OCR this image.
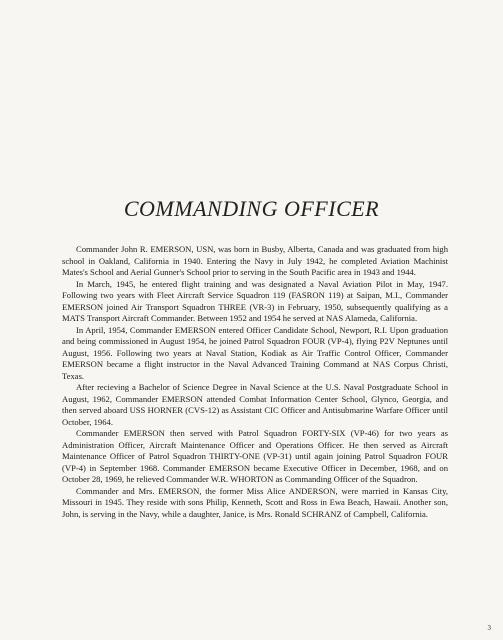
COMMANDING OFFICER

Commander John R. EMERSON, USN, was born in Busby, Alberta, Canada and was graduated from high school in Oakland, California in 1940. Entering the Navy in July 1942, he completed Aviation Machinist Mates's School and Aerial Gunner's School prior to serving in the South Pacific area in 1943 and 1944.

In March, 1945, he entered flight training and was designated a Naval Aviation Pilot in May, 1947. Following two years with Fleet Aircraft Service Squadron 119 (FASRON 119) at Saipan, M.I., Commander EMERSON joined Air Transport Squadron THREE (VR-3) in February, 1950, subsequently qualifying as a MATS Transport Aircraft Commander. Between 1952 and 1954 he served at NAS Alameda, California.

In April, 1954, Commander EMERSON entered Officer Candidate School, Newport, R.I. Upon graduation and being commissioned in August 1954, he joined Patrol Squadron FOUR (VP-4), flying P2V Neptunes until August, 1956. Following two years at Naval Station, Kodiak as Air Traffic Control Officer, Commander EMERSON became a flight instructor in the Naval Advanced Training Command at NAS Corpus Christi, Texas.

After recieving a Bachelor of Science Degree in Naval Science at the U.S. Naval Postgraduate School in August, 1962, Commander EMERSON attended Combat Information Center School, Glynco, Georgia, and then served aboard USS HORNER (CVS-12) as Assistant CIC Officer and Antisubmarine Warfare Officer until October, 1964.

Commander EMERSON then served with Patrol Squadron FORTY-SIX (VP-46) for two years as Administration Officer, Aircraft Maintenance Officer and Operations Officer. He then served as Aircraft Maintenance Officer of Patrol Squadron THIRTY-ONE (VP-31) until again joining Patrol Squadron FOUR (VP-4) in September 1968. Commander EMERSON became Executive Officer in December, 1968, and on October 28, 1969, he relieved Commander W.R. WHORTON as Commanding Officer of the Squadron.

Commander and Mrs. EMERSON, the former Miss Alice ANDERSON, were married in Kansas City, Missouri in 1945. They reside with sons Philip, Kenneth, Scott and Ross in Ewa Beach, Hawaii. Another son, John, is serving in the Navy, while a daughter, Janice, is Mrs. Ronald SCHRANZ of Campbell, California.

3
